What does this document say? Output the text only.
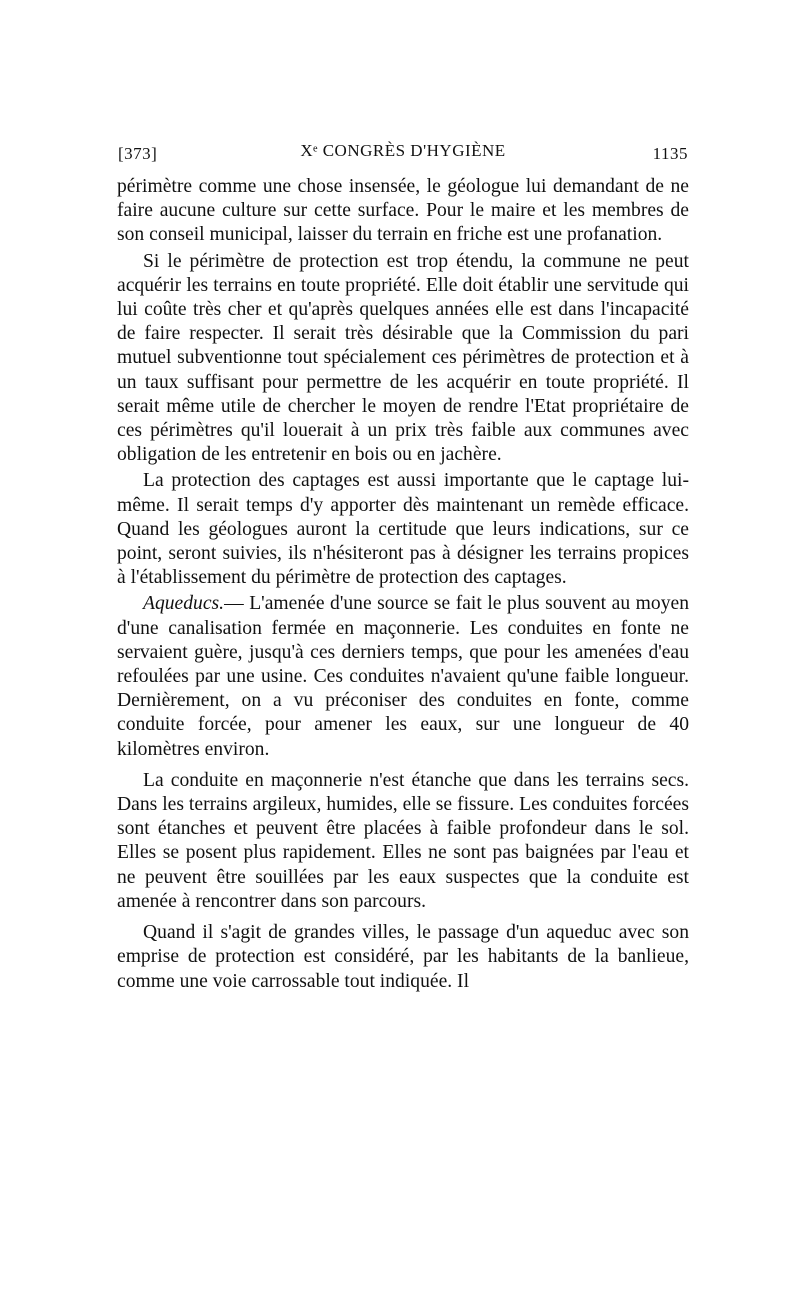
[373]	Xᵉ CONGRÈS D'HYGIÈNE	1135

périmètre comme une chose insensée, le géologue lui demandant de ne faire aucune culture sur cette surface. Pour le maire et les membres de son conseil municipal, laisser du terrain en friche est une profanation.

Si le périmètre de protection est trop étendu, la commune ne peut acquérir les terrains en toute propriété. Elle doit établir une servitude qui lui coûte très cher et qu'après quelques années elle est dans l'incapacité de faire respecter. Il serait très désirable que la Commission du pari mutuel subventionne tout spécialement ces périmètres de protection et à un taux suffisant pour permettre de les acquérir en toute propriété. Il serait même utile de chercher le moyen de rendre l'Etat propriétaire de ces périmètres qu'il louerait à un prix très faible aux communes avec obligation de les entretenir en bois ou en jachère.

La protection des captages est aussi importante que le captage lui-même. Il serait temps d'y apporter dès maintenant un remède efficace. Quand les géologues auront la certitude que leurs indications, sur ce point, seront suivies, ils n'hésiteront pas à désigner les terrains propices à l'établissement du périmètre de protection des captages.

Aqueducs.— L'amenée d'une source se fait le plus souvent au moyen d'une canalisation fermée en maçonnerie. Les conduites en fonte ne servaient guère, jusqu'à ces derniers temps, que pour les amenées d'eau refoulées par une usine. Ces conduites n'avaient qu'une faible longueur. Dernièrement, on a vu préconiser des conduites en fonte, comme conduite forcée, pour amener les eaux, sur une longueur de 40 kilomètres environ.

La conduite en maçonnerie n'est étanche que dans les terrains secs. Dans les terrains argileux, humides, elle se fissure. Les conduites forcées sont étanches et peuvent être placées à faible profondeur dans le sol. Elles se posent plus rapidement. Elles ne sont pas baignées par l'eau et ne peuvent être souillées par les eaux suspectes que la conduite est amenée à rencontrer dans son parcours.

Quand il s'agit de grandes villes, le passage d'un aqueduc avec son emprise de protection est considéré, par les habitants de la banlieue, comme une voie carrossable tout indiquée. Il
